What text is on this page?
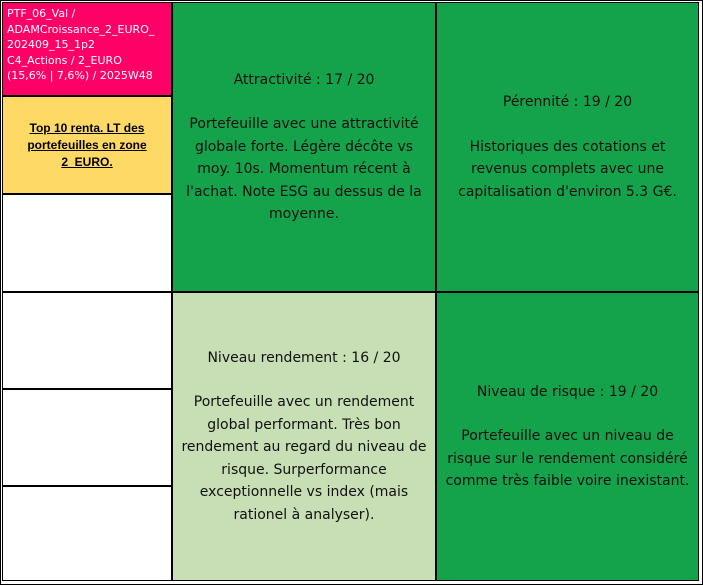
PTF_06_Val /
ADAMCroissance_2_EURO_
202409_15_1p2
C4_Actions / 2_EURO
(15,6% | 7,6%) / 2025W48
Top 10 renta. LT des portefeuilles en zone 2_EURO.
Attractivité : 17 / 20
Portefeuille avec une attractivité globale forte. Légère décôte vs moy. 10s. Momentum récent à l'achat. Note ESG au dessus de la moyenne.
Pérennité : 19 / 20
Historiques des cotations et revenus complets avec une capitalisation d'environ 5.3 G€.
Niveau rendement : 16 / 20
Portefeuille avec un rendement global performant. Très bon rendement au regard du niveau de risque. Surperformance exceptionnelle vs index (mais rationel à analyser).
Niveau de risque : 19 / 20
Portefeuille avec un niveau de risque sur le rendement considéré comme très faible voire inexistant.
